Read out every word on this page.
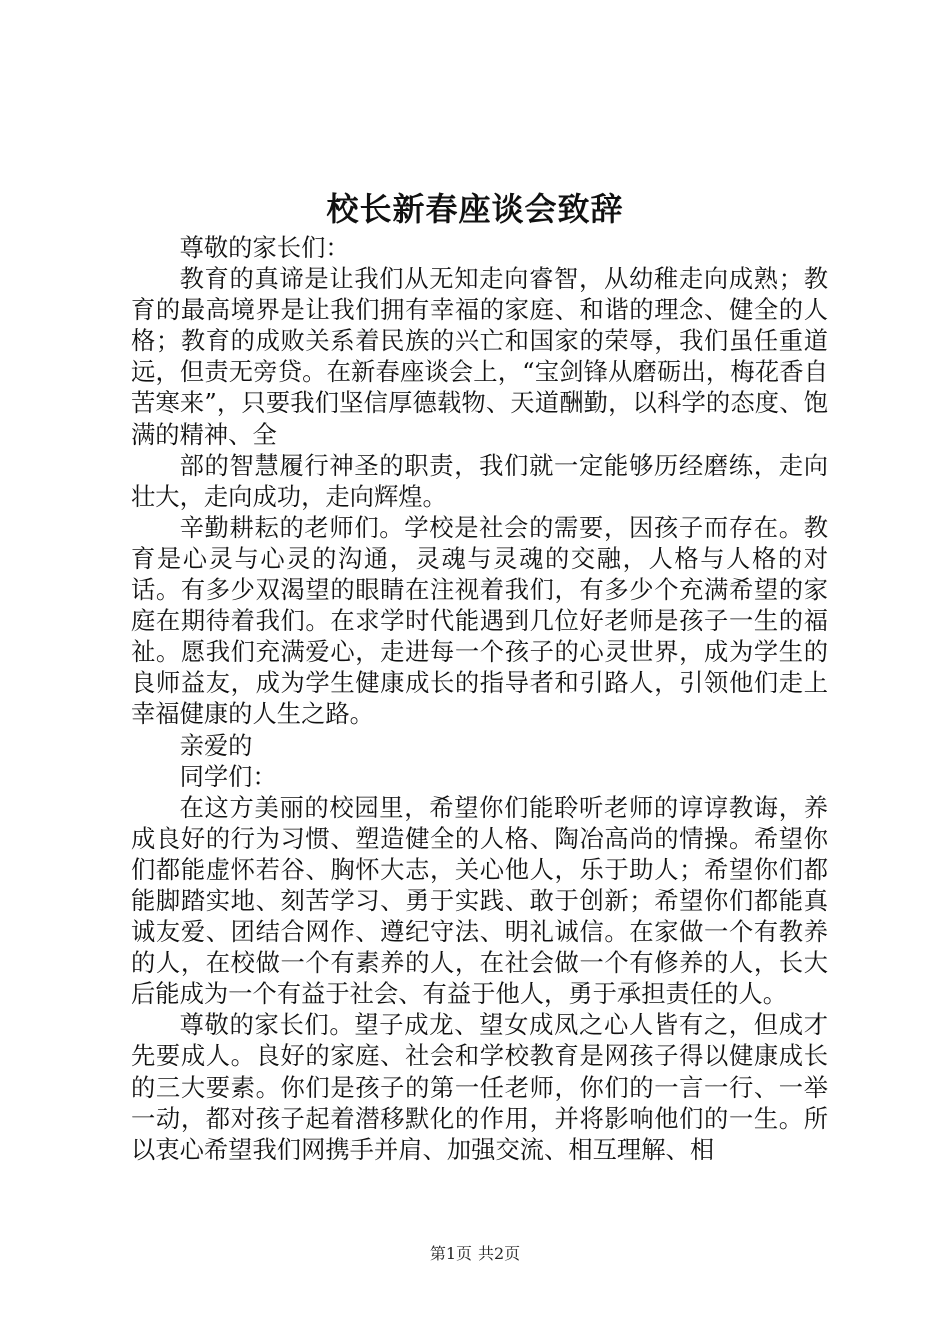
校长新春座谈会致辞

尊敬的家长们：

教育的真谛是让我们从无知走向睿智，从幼稚走向成熟；教育的最高境界是让我们拥有幸福的家庭、和谐的理念、健全的人格；教育的成败关系着民族的兴亡和国家的荣辱，我们虽任重道远，但责无旁贷。在新春座谈会上，“宝剑锋从磨砺出，梅花香自苦寒来”，只要我们坚信厚德载物、天道酬勤，以科学的态度、饱满的精神、全

部的智慧履行神圣的职责，我们就一定能够历经磨练，走向壮大，走向成功，走向辉煌。

辛勤耕耘的老师们。学校是社会的需要，因孩子而存在。教育是心灵与心灵的沟通，灵魂与灵魂的交融，人格与人格的对话。有多少双渴望的眼睛在注视着我们，有多少个充满希望的家庭在期待着我们。在求学时代能遇到几位好老师是孩子一生的福祉。愿我们充满爱心，走进每一个孩子的心灵世界，成为学生的良师益友，成为学生健康成长的指导者和引路人，引领他们走上幸福健康的人生之路。

亲爱的

同学们：

在这方美丽的校园里，希望你们能聆听老师的谆谆教诲，养成良好的行为习惯、塑造健全的人格、陶冶高尚的情操。希望你们都能虚怀若谷、胸怀大志，关心他人，乐于助人；希望你们都能脚踏实地、刻苦学习、勇于实践、敢于创新；希望你们都能真诚友爱、团结合网作、遵纪守法、明礼诚信。在家做一个有教养的人，在校做一个有素养的人，在社会做一个有修养的人，长大后能成为一个有益于社会、有益于他人，勇于承担责任的人。

尊敬的家长们。望子成龙、望女成凤之心人皆有之，但成才先要成人。良好的家庭、社会和学校教育是网孩子得以健康成长的三大要素。你们是孩子的第一任老师，你们的一言一行、一举一动，都对孩子起着潜移默化的作用，并将影响他们的一生。所以衷心希望我们网携手并肩、加强交流、相互理解、相

第1页 共2页
